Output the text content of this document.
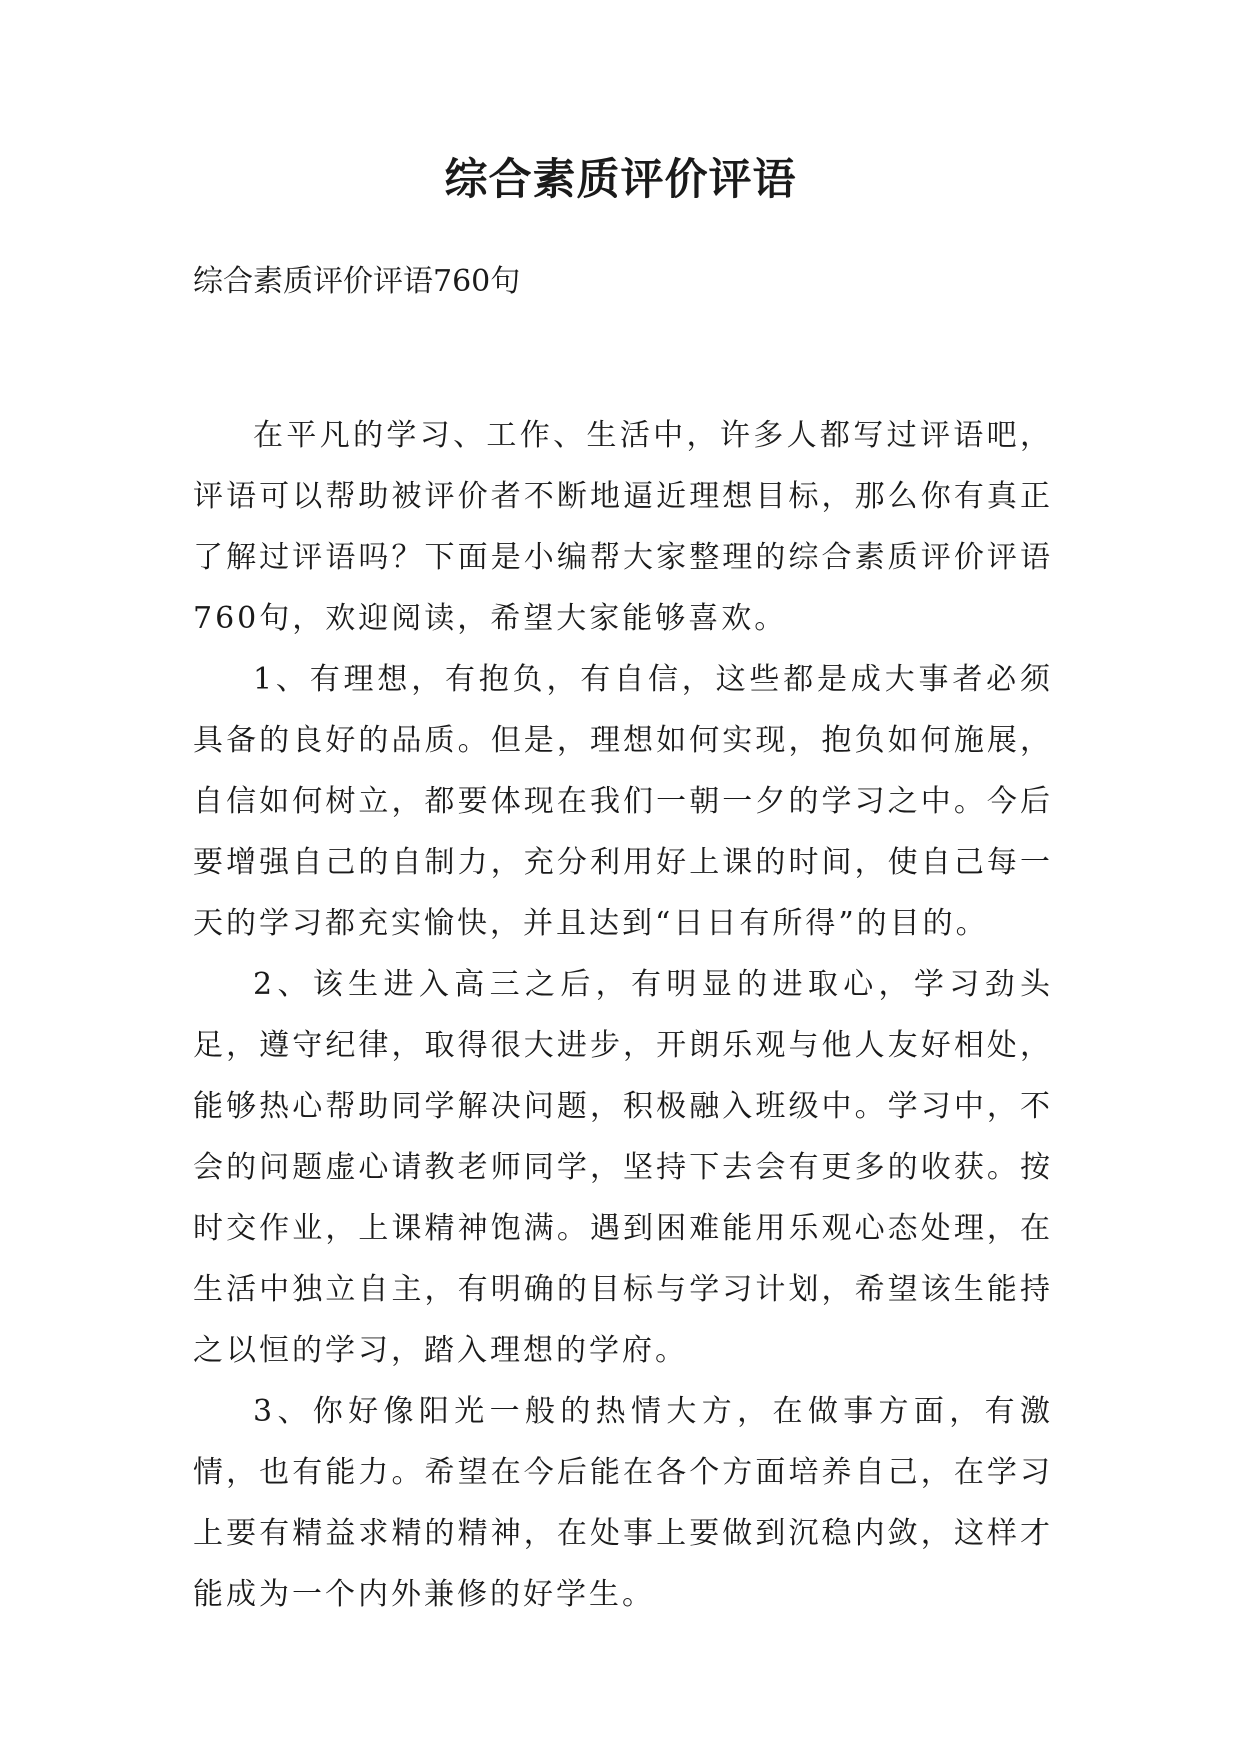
综合素质评价评语

综合素质评价评语760句

在平凡的学习、工作、生活中，许多人都写过评语吧，评语可以帮助被评价者不断地逼近理想目标，那么你有真正了解过评语吗？下面是小编帮大家整理的综合素质评价评语760句，欢迎阅读，希望大家能够喜欢。

1、有理想，有抱负，有自信，这些都是成大事者必须具备的良好的品质。但是，理想如何实现，抱负如何施展，自信如何树立，都要体现在我们一朝一夕的学习之中。今后要增强自己的自制力，充分利用好上课的时间，使自己每一天的学习都充实愉快，并且达到“日日有所得”的目的。

2、该生进入高三之后，有明显的进取心，学习劲头足，遵守纪律，取得很大进步，开朗乐观与他人友好相处，能够热心帮助同学解决问题，积极融入班级中。学习中，不会的问题虚心请教老师同学，坚持下去会有更多的收获。按时交作业，上课精神饱满。遇到困难能用乐观心态处理，在生活中独立自主，有明确的目标与学习计划，希望该生能持之以恒的学习，踏入理想的学府。

3、你好像阳光一般的热情大方，在做事方面，有激情，也有能力。希望在今后能在各个方面培养自己，在学习上要有精益求精的精神，在处事上要做到沉稳内敛，这样才能成为一个内外兼修的好学生。
